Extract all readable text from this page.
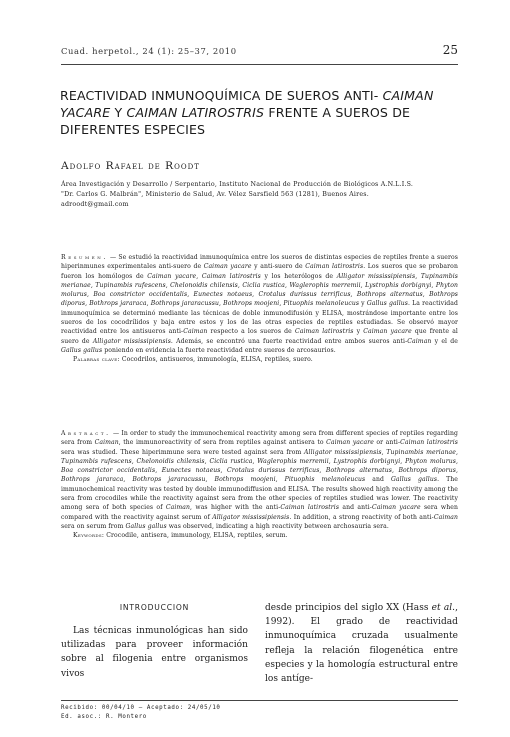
Cuad. herpetol., 24 (1): 25–37, 2010	25
REACTIVIDAD INMUNOQUÍMICA DE SUEROS ANTI- CAIMAN YACARE Y CAIMAN LATIROSTRIS FRENTE A SUEROS DE DIFERENTES ESPECIES
Adolfo Rafael de Roodt
Área Investigación y Desarrollo / Serpentario, Instituto Nacional de Producción de Biológicos A.N.L.I.S.
"Dr. Carlos G. Malbrán", Ministerio de Salud, Av. Vélez Sarsfield 563 (1281), Buenos Aires.
adroodt@gmail.com

Resumen. — Se estudió la reactividad inmunoquímica entre los sueros de distintas especies de reptiles frente a sueros hiperinmunes experimentales anti-suero de Caiman yacare y anti-suero de Caiman latirostris. Los sueros que se probaron fueron los homólogos de Caiman yacare, Caiman latirostris y los heterólogos de Alligator mississipiensis, Tupinambis merianae, Tupinambis rufescens, Chelonoidis chilensis, Ciclia rustica, Waglerophis merremii, Lystrophis dorbignyi, Phyton molurus, Boa constrictor occidentalis, Eunectes notaeus, Crotalus durissus terrificus, Bothrops alternatus, Bothrops diporus, Bothrops jararaca, Bothrops jararacussu, Bothrops moojeni, Pituophis melanoleucus y Gallus gallus. La reactividad inmunoquímica se determinó mediante las técnicas de doble inmunodifusión y ELISA, mostrándose importante entre los sueros de los cocodrílidos y baja entre estos y los de las otras especies de reptiles estudiadas. Se observó mayor reactividad entre los antisueros anti-Caiman respecto a los sueros de Caiman latirostris y Caiman yacare que frente al suero de Alligator mississipiensis. Además, se encontró una fuerte reactividad entre ambos sueros anti-Caiman y el de Gallus gallus poniendo en evidencia la fuerte reactividad entre sueros de arcosaurios.
Palabras clave: Cocodrilos, antisueros, inmunología, ELISA, reptiles, suero.

Abstract. — In order to study the immunochemical reactivity among sera from different species of reptiles regarding sera from Caiman, the immunoreactivity of sera from reptiles against antisera to Caiman yacare or anti-Caiman latirostris sera was studied. These hiperimmune sera were tested against sera from Alligator mississipiensis, Tupinambis merianae, Tupinambis rufescens, Chelonoidis chilensis, Ciclia rustica, Waglerophis merremii, Lystrophis dorbignyi, Phyton molurus, Boa constrictor occidentalis, Eunectes notaeus, Crotalus durissus terrificus, Bothrops alternatus, Bothrops diporus, Bothrops jararaca, Bothrops jararacussu, Bothrops moojeni, Pituophis melanoleucus and Gallus gallus. The immunochemical reactivity was tested by double immunodiffusion and ELISA. The results showed high reactivity among the sera from crocodiles while the reactivity against sera from the other species of reptiles studied was lower. The reactivity among sera of both species of Caiman, was higher with the anti-Caiman latirostris and anti-Caiman yacare sera when compared with the reactivity against serum of Alligator mississipiensis. In addition, a strong reactivity of both anti-Caiman sera on serum from Gallus gallus was observed, indicating a high reactivity between archosauria sera.
Keywords: Crocodile, antisera, immunology, ELISA, reptiles, serum.

INTRODUCCION

Las técnicas inmunológicas han sido utilizadas para proveer información sobre al filogenia entre organismos vivos

desde principios del siglo XX (Hass et al., 1992). El grado de reactividad inmunoquímica cruzada usualmente refleja la relación filogenética entre especies y la homología estructural entre los antíge-

Recibido: 00/04/10 — Aceptado: 24/05/10
Ed. asoc.: R. Montero
